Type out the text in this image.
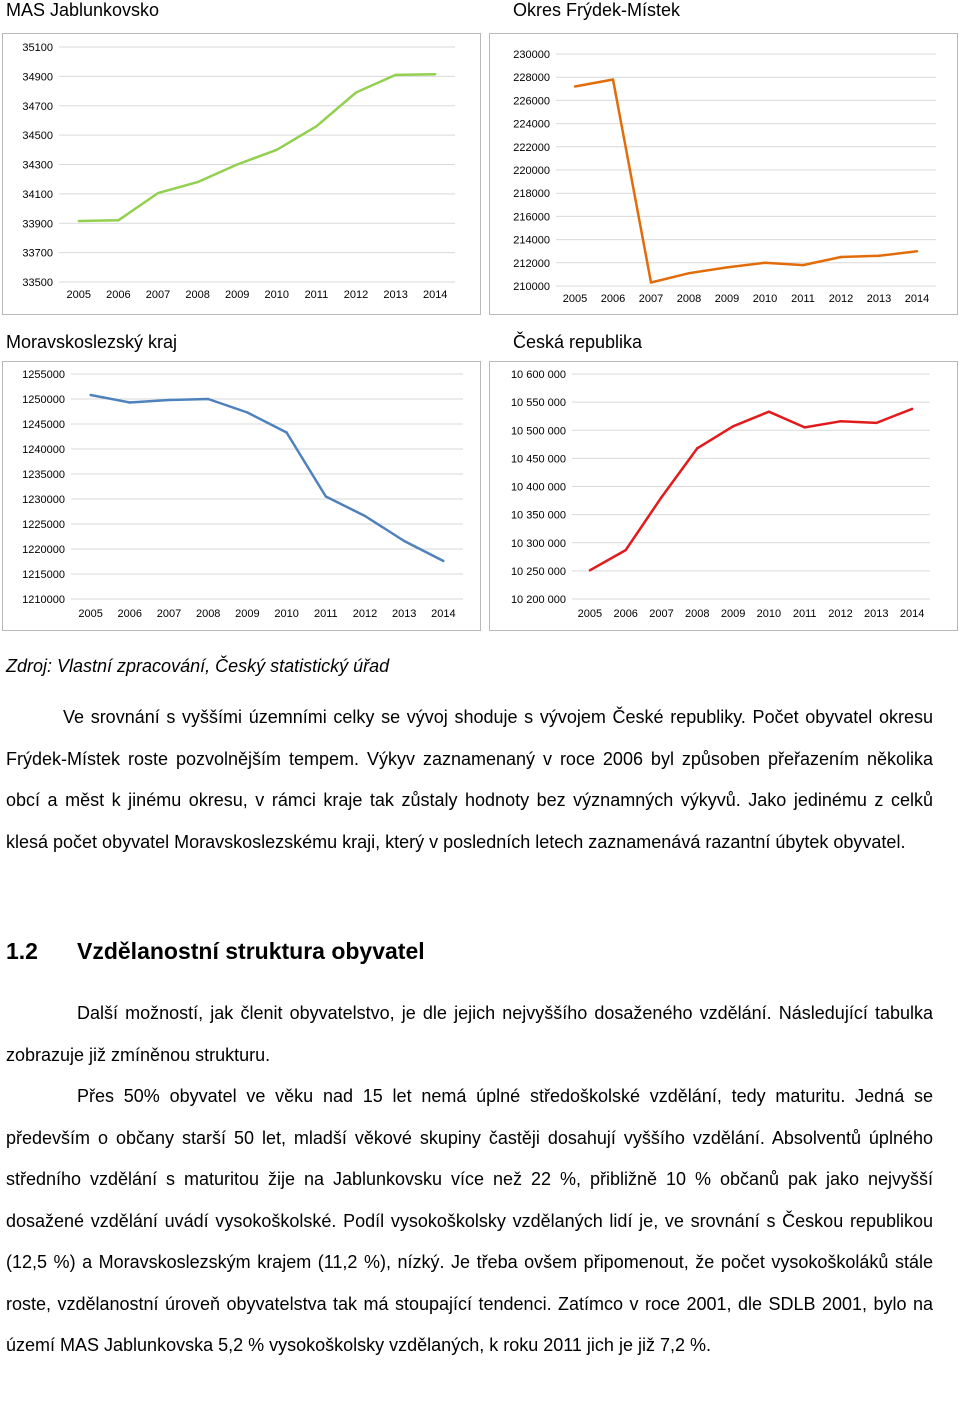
MAS Jablunkovsko	Okres Frýdek-Místek
Moravskoslezský kraj	Česká republika
35100
34900
34700
34500
34300
34100
33900
33700
33500
2005 2006 2007 2008 2009 2010 2011 2012 2013 2014
230000
228000
226000
224000
222000
220000
218000
216000
214000
212000
210000
2005 2006 2007 2008 2009 2010 2011 2012 2013 2014
1255000
1250000
1245000
1240000
1235000
1230000
1225000
1220000
1215000
1210000
2005 2006 2007 2008 2009 2010 2011 2012 2013 2014
10 600 000
10 550 000
10 500 000
10 450 000
10 400 000
10 350 000
10 300 000
10 250 000
10 200 000
2005 2006 2007 2008 2009 2010 2011 2012 2013 2014
Zdroj: Vlastní zpracování, Český statistický úřad
Ve srovnání s vyššími územními celky se vývoj shoduje s vývojem České republiky. Počet obyvatel okresu Frýdek-Místek roste pozvolnějším tempem. Výkyv zaznamenaný v roce 2006 byl způsoben přeřazením několika obcí a měst k jinému okresu, v rámci kraje tak zůstaly hodnoty bez významných výkyvů. Jako jedinému z celků klesá počet obyvatel Moravskoslezskému kraji, který v posledních letech zaznamenává razantní úbytek obyvatel.
1.2 Vzdělanostní struktura obyvatel
Další možností, jak členit obyvatelstvo, je dle jejich nejvyššího dosaženého vzdělání. Následující tabulka zobrazuje již zmíněnou strukturu.
Přes 50% obyvatel ve věku nad 15 let nemá úplné středoškolské vzdělání, tedy maturitu. Jedná se především o občany starší 50 let, mladší věkové skupiny častěji dosahují vyššího vzdělání. Absolventů úplného středního vzdělání s maturitou žije na Jablunkovsku více než 22 %, přibližně 10 % občanů pak jako nejvyšší dosažené vzdělání uvádí vysokoškolské. Podíl vysokoškolsky vzdělaných lidí je, ve srovnání s Českou republikou (12,5 %) a Moravskoslezským krajem (11,2 %), nízký. Je třeba ovšem připomenout, že počet vysokoškoláků stále roste, vzdělanostní úroveň obyvatelstva tak má stoupající tendenci. Zatímco v roce 2001, dle SDLB 2001, bylo na území MAS Jablunkovska 5,2 % vysokoškolsky vzdělaných, k roku 2011 jich je již 7,2 %.
